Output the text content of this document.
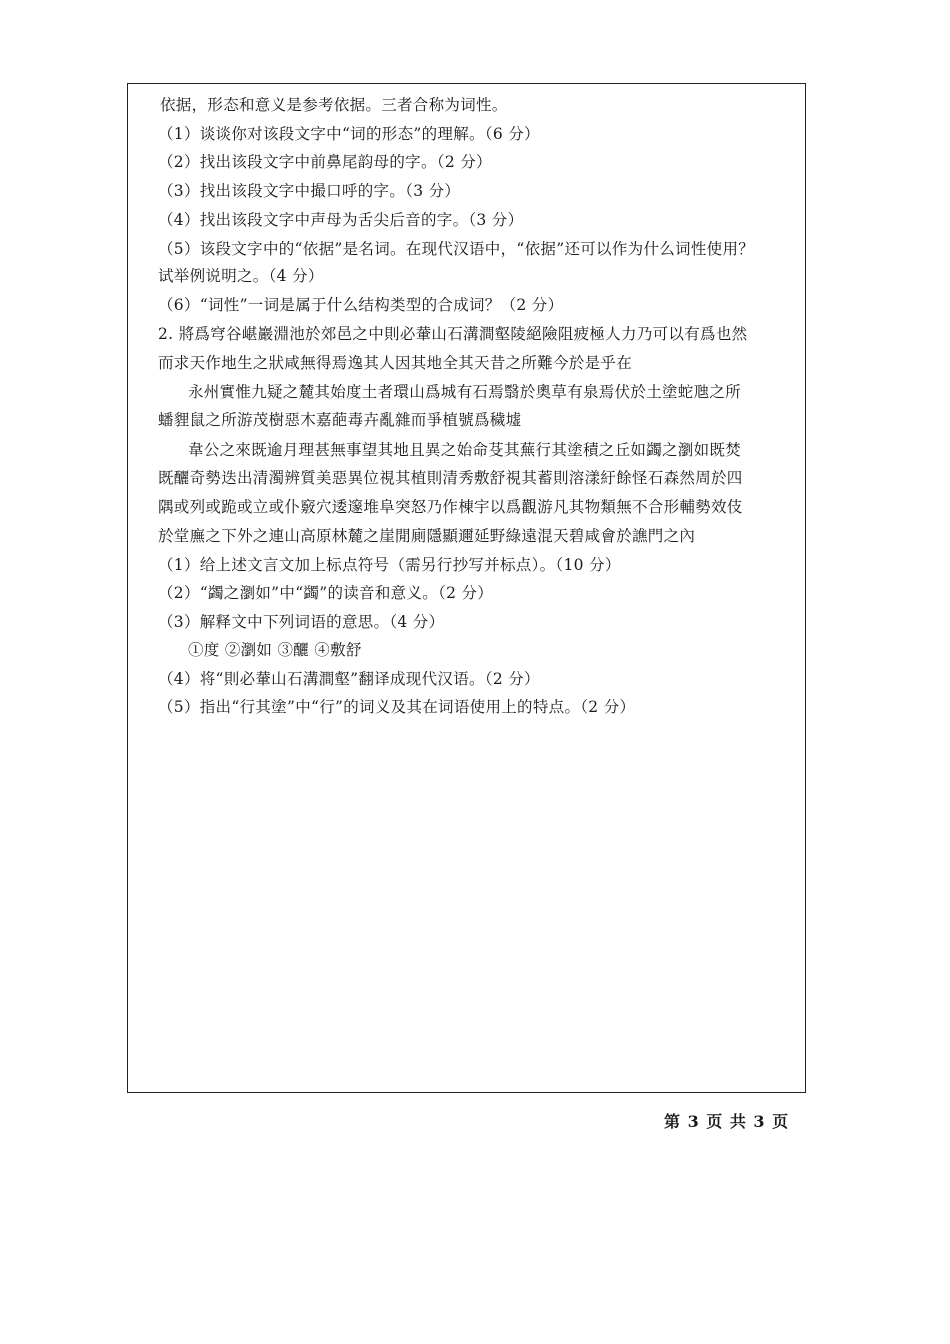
依据，形态和意义是参考依据。三者合称为词性。
（1）谈谈你对该段文字中“词的形态”的理解。（6 分）
（2）找出该段文字中前鼻尾韵母的字。（2 分）
（3）找出该段文字中撮口呼的字。（3 分）
（4）找出该段文字中声母为舌尖后音的字。（3 分）
（5）该段文字中的“依据”是名词。在现代汉语中，“依据”还可以作为什么词性使用？
试举例说明之。（4 分）
（6）“词性”一词是属于什么结构类型的合成词？（2 分）
2. 將爲穹谷嵁巖淵池於郊邑之中則必輂山石溝澗壑陵絕險阻疲極人力乃可以有爲也然
而求天作地生之狀咸無得焉逸其人因其地全其天昔之所難今於是乎在
永州實惟九疑之麓其始度土者環山爲城有石焉翳於奧草有泉焉伏於土塗蛇虺之所
蟠貍鼠之所游茂樹惡木嘉葩毒卉亂雜而爭植號爲穢墟
韋公之來既逾月理甚無事望其地且異之始命芟其蕪行其塗積之丘如蠲之瀏如既焚
既釃奇勢迭出清濁辨質美惡異位視其植則清秀敷舒視其蓄則溶漾紆餘怪石森然周於四
隅或列或跪或立或仆竅穴逶邃堆阜突怒乃作棟宇以爲觀游凡其物類無不合形輔勢效伎
於堂廡之下外之連山高原林麓之崖閒廁隱顯邇延野綠遠混天碧咸會於譙門之內
（1）给上述文言文加上标点符号（需另行抄写并标点）。（10 分）
（2）“蠲之瀏如”中“蠲”的读音和意义。（2 分）
（3）解释文中下列词语的意思。（4 分）
①度 ②瀏如 ③釃 ④敷舒
（4）将“則必輂山石溝澗壑”翻译成现代汉语。（2 分）
（5）指出“行其塗”中“行”的词义及其在词语使用上的特点。（2 分）
第 3 页 共 3 页
